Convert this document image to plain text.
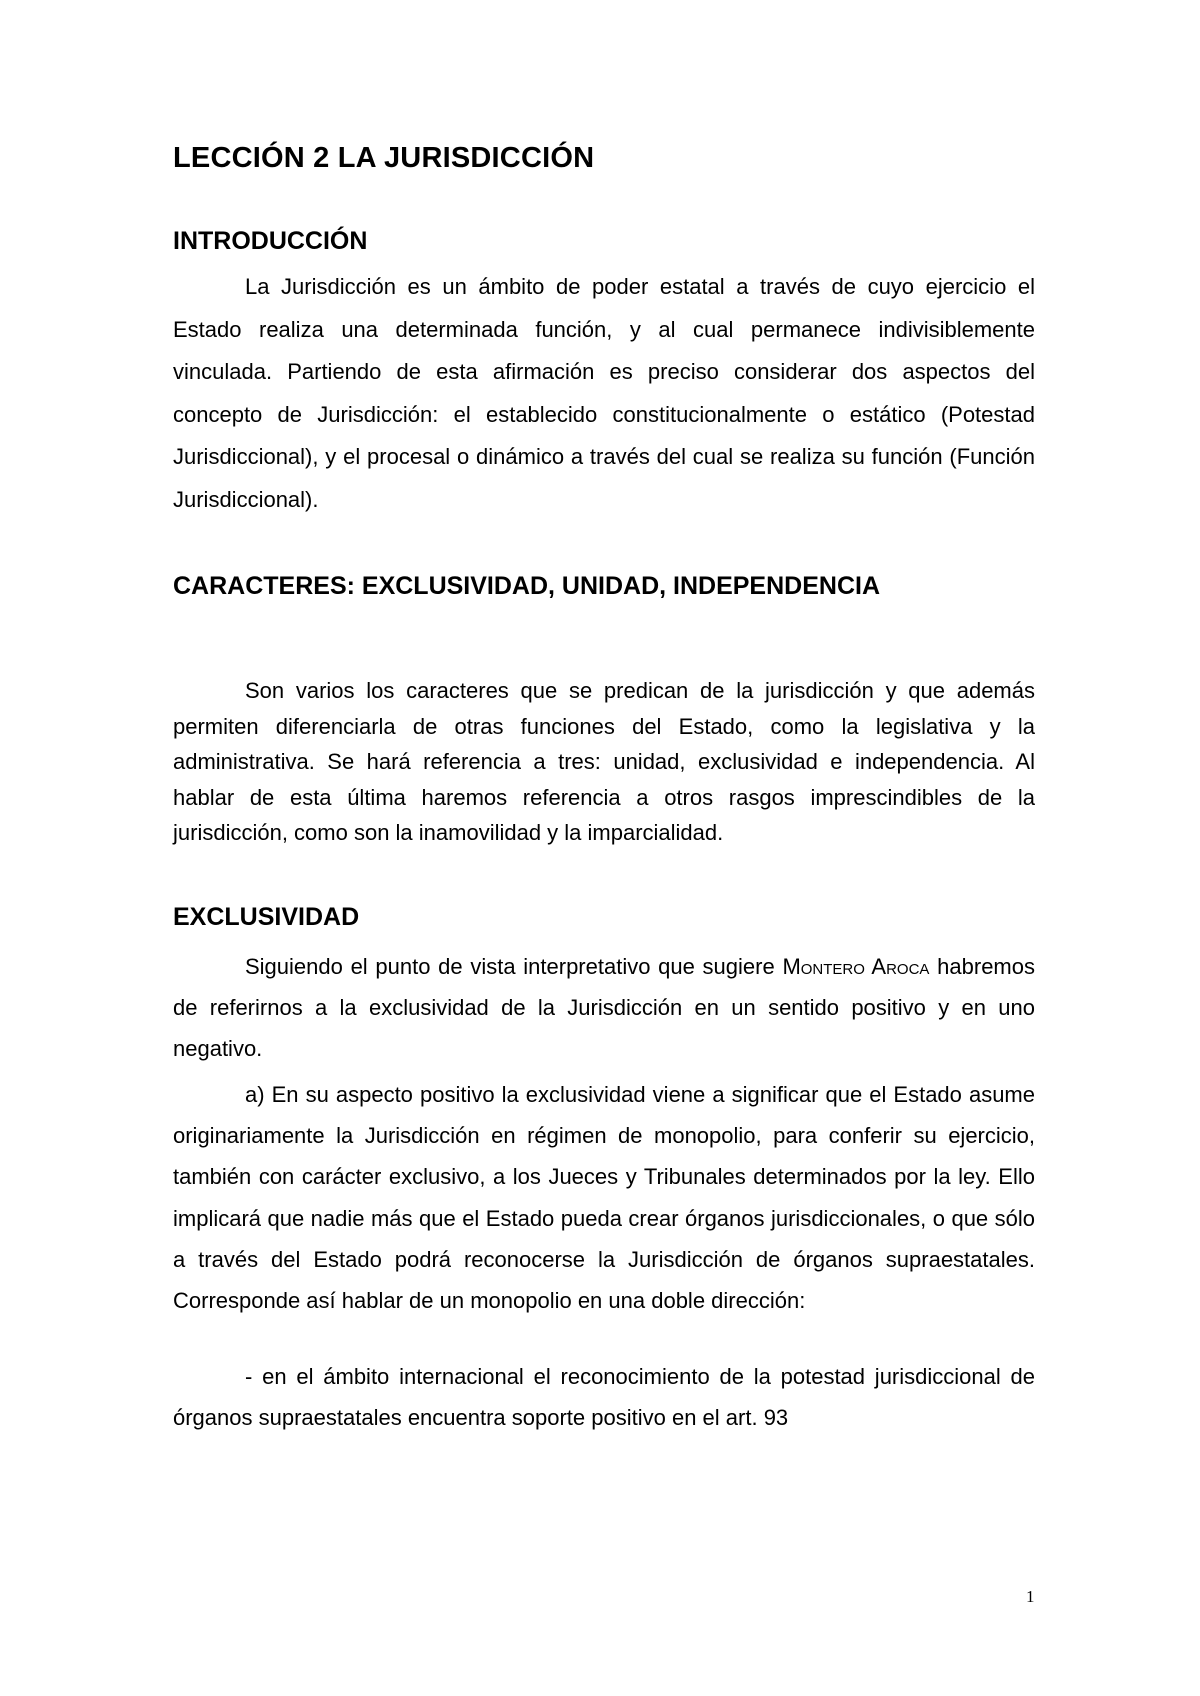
LECCIÓN 2 LA JURISDICCIÓN
INTRODUCCIÓN

La Jurisdicción es un ámbito de poder estatal a través de cuyo ejercicio el Estado realiza una determinada función, y al cual permanece indivisiblemente vinculada. Partiendo de esta afirmación es preciso considerar dos aspectos del concepto de Jurisdicción: el establecido constitucionalmente o estático (Potestad Jurisdiccional), y el procesal o dinámico a través del cual se realiza su función (Función Jurisdiccional).

CARACTERES: EXCLUSIVIDAD, UNIDAD, INDEPENDENCIA

Son varios los caracteres que se predican de la jurisdicción y que además permiten diferenciarla de otras funciones del Estado, como la legislativa y la administrativa. Se hará referencia a tres: unidad, exclusividad e independencia. Al hablar de esta última haremos referencia a otros rasgos imprescindibles de la jurisdicción, como son la inamovilidad y la imparcialidad.

EXCLUSIVIDAD

Siguiendo el punto de vista interpretativo que sugiere Montero Aroca habremos de referirnos a la exclusividad de la Jurisdicción en un sentido positivo y en uno negativo.

a) En su aspecto positivo la exclusividad viene a significar que el Estado asume originariamente la Jurisdicción en régimen de monopolio, para conferir su ejercicio, también con carácter exclusivo, a los Jueces y Tribunales determinados por la ley. Ello implicará que nadie más que el Estado pueda crear órganos jurisdiccionales, o que sólo a través del Estado podrá reconocerse la Jurisdicción de órganos supraestatales. Corresponde así hablar de un monopolio en una doble dirección:

- en el ámbito internacional el reconocimiento de la potestad jurisdiccional de órganos supraestatales encuentra soporte positivo en el art. 93

1
